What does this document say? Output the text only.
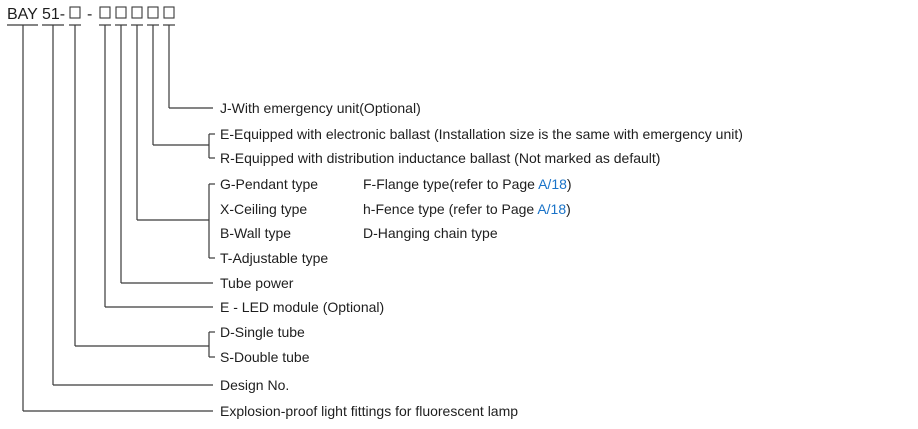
BAY 51- -
J-With emergency unit(Optional)
E-Equipped with electronic ballast (Installation size is the same with emergency unit)
R-Equipped with distribution inductance ballast (Not marked as default)
G-Pendant type
X-Ceiling type
B-Wall type
T-Adjustable type
F-Flange type(refer to Page A/18)
h-Fence type (refer to Page A/18)
D-Hanging chain type
Tube power
E - LED module (Optional)
D-Single tube
S-Double tube
Design No.
Explosion-proof light fittings for fluorescent lamp
